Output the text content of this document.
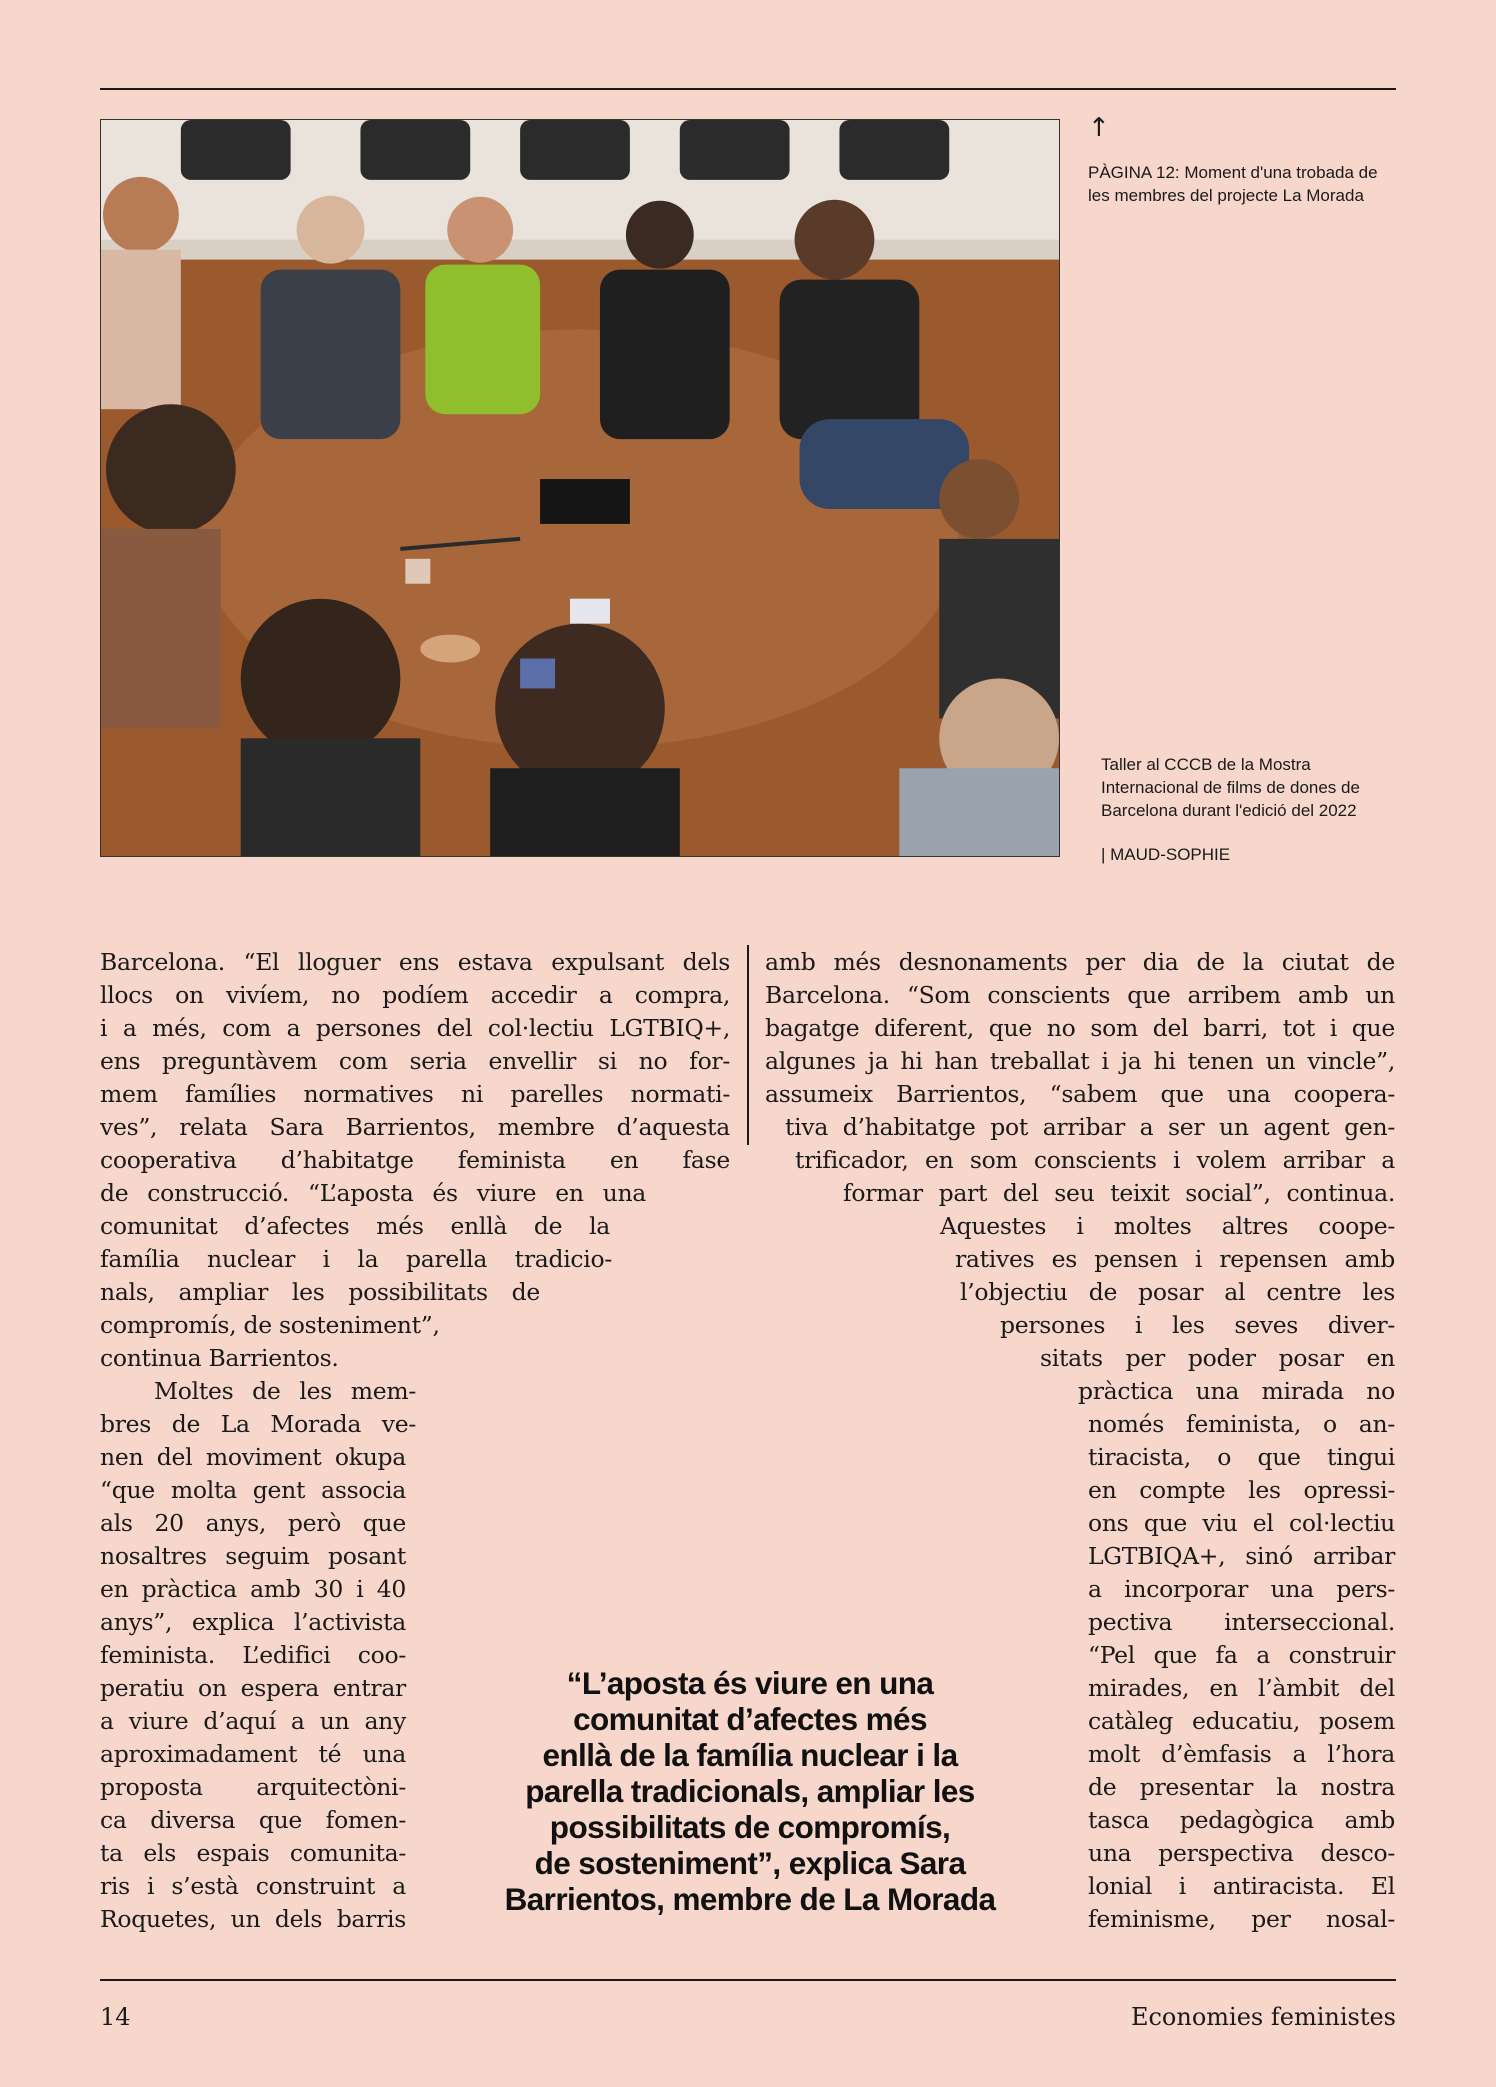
↑
PÀGINA 12: Moment d'una trobada de les membres del projecte La Morada
Taller al CCCB de la Mostra Internacional de films de dones de Barcelona durant l'edició del 2022
| MAUD-SOPHIE
Barcelona. “El lloguer ens estava expulsant dels
llocs on vivíem, no podíem accedir a compra,
i a més, com a persones del col·lectiu LGTBIQ+,
ens preguntàvem com seria envellir si no for-
mem famílies normatives ni parelles normati-
ves”, relata Sara Barrientos, membre d’aquesta
cooperativa d’habitatge feminista en fase
de construcció. “L’aposta és viure en una
comunitat d’afectes més enllà de la
família nuclear i la parella tradicio-
nals, ampliar les possibilitats de
compromís, de sosteniment”,
continua Barrientos.
Moltes de les mem-
bres de La Morada ve-
nen del moviment okupa
“que molta gent associa
als 20 anys, però que
nosaltres seguim posant
en pràctica amb 30 i 40
anys”, explica l’activista
feminista. L’edifici coo-
peratiu on espera entrar
a viure d’aquí a un any
aproximadament té una
proposta arquitectòni-
ca diversa que fomen-
ta els espais comunita-
ris i s’està construint a
Roquetes, un dels barris
amb més desnonaments per dia de la ciutat de
Barcelona. “Som conscients que arribem amb un
bagatge diferent, que no som del barri, tot i que
algunes ja hi han treballat i ja hi tenen un vincle”,
assumeix Barrientos, “sabem que una coopera-
tiva d’habitatge pot arribar a ser un agent gen-
trificador, en som conscients i volem arribar a
formar part del seu teixit social”, continua.
Aquestes i moltes altres coope-
ratives es pensen i repensen amb
l’objectiu de posar al centre les
persones i les seves diver-
sitats per poder posar en
pràctica una mirada no
només feminista, o an-
tiracista, o que tingui
en compte les opressi-
ons que viu el col·lectiu
LGTBIQA+, sinó arribar
a incorporar una pers-
pectiva interseccional.
“Pel que fa a construir
mirades, en l’àmbit del
catàleg educatiu, posem
molt d’èmfasis a l’hora
de presentar la nostra
tasca pedagògica amb
una perspectiva desco-
lonial i antiracista. El
feminisme, per nosal-
“L’aposta és viure en una
comunitat d’afectes més
enllà de la família nuclear i la
parella tradicionals, ampliar les
possibilitats de compromís,
de sosteniment”, explica Sara
Barrientos, membre de La Morada
14	Economies feministes
